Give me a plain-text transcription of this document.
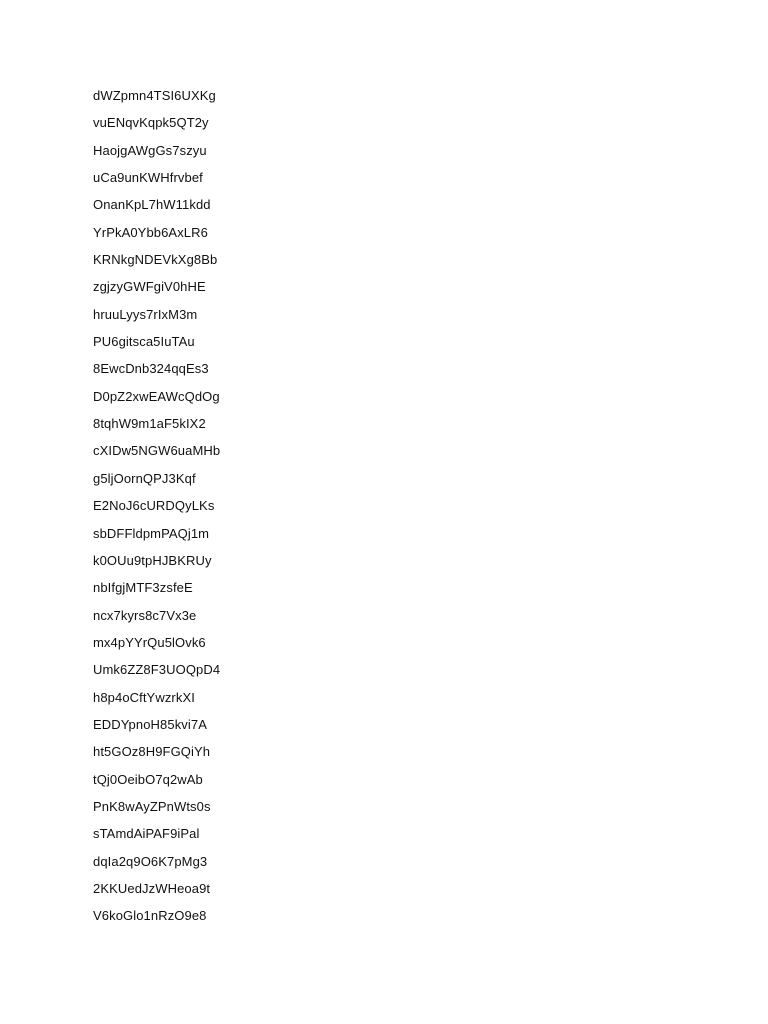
dWZpmn4TSI6UXKg
vuENqvKqpk5QT2y
HaojgAWgGs7szyu
uCa9unKWHfrvbef
OnanKpL7hW11kdd
YrPkA0Ybb6AxLR6
KRNkgNDEVkXg8Bb
zgjzyGWFgiV0hHE
hruuLyys7rIxM3m
PU6gitsca5IuTAu
8EwcDnb324qqEs3
D0pZ2xwEAWcQdOg
8tqhW9m1aF5kIX2
cXIDw5NGW6uaMHb
g5ljOornQPJ3Kqf
E2NoJ6cURDQyLKs
sbDFFldpmPAQj1m
k0OUu9tpHJBKRUy
nbIfgjMTF3zsfeE
ncx7kyrs8c7Vx3e
mx4pYYrQu5lOvk6
Umk6ZZ8F3UOQpD4
h8p4oCftYwzrkXI
EDDYpnoH85kvi7A
ht5GOz8H9FGQiYh
tQj0OeibO7q2wAb
PnK8wAyZPnWts0s
sTAmdAiPAF9iPal
dqIa2q9O6K7pMg3
2KKUedJzWHeoa9t
V6koGlo1nRzO9e8
